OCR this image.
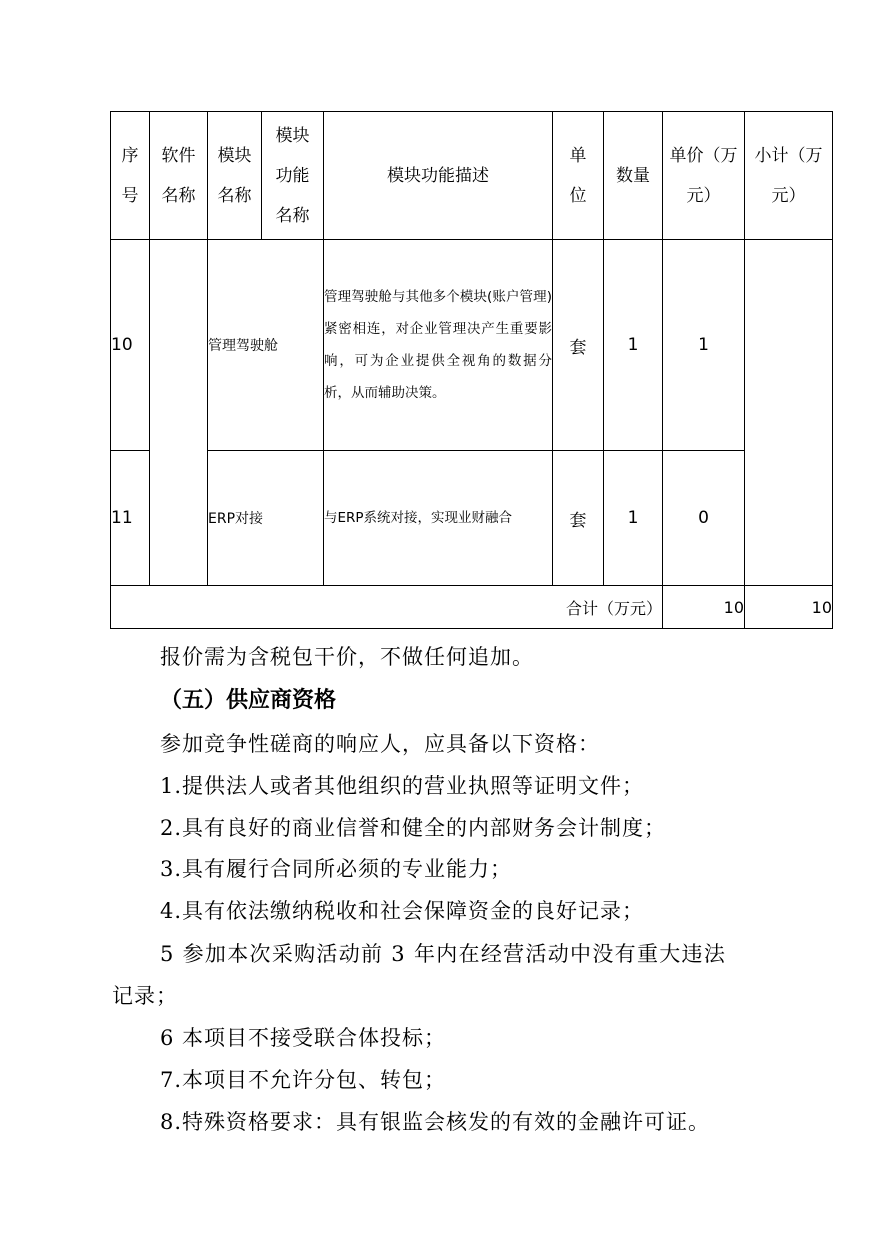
序号	软件名称	模块名称	模块功能名称	模块功能描述	单位	数量	单价（万元）	小计（万元）
10		管理驾驶舱		管理驾驶舱与其他多个模块(账户管理)紧密相连，对企业管理决产生重要影响，可为企业提供全视角的数据分析，从而辅助决策。	套	1	1	
11		ERP对接		与ERP系统对接，实现业财融合	套	1	0	
合计（万元）							10	10
报价需为含税包干价，不做任何追加。
（五）供应商资格
参加竞争性磋商的响应人，应具备以下资格：
1.提供法人或者其他组织的营业执照等证明文件；
2.具有良好的商业信誉和健全的内部财务会计制度；
3.具有履行合同所必须的专业能力；
4.具有依法缴纳税收和社会保障资金的良好记录；
5 参加本次采购活动前 3 年内在经营活动中没有重大违法
记录；
6 本项目不接受联合体投标；
7.本项目不允许分包、转包；
8.特殊资格要求：具有银监会核发的有效的金融许可证。
